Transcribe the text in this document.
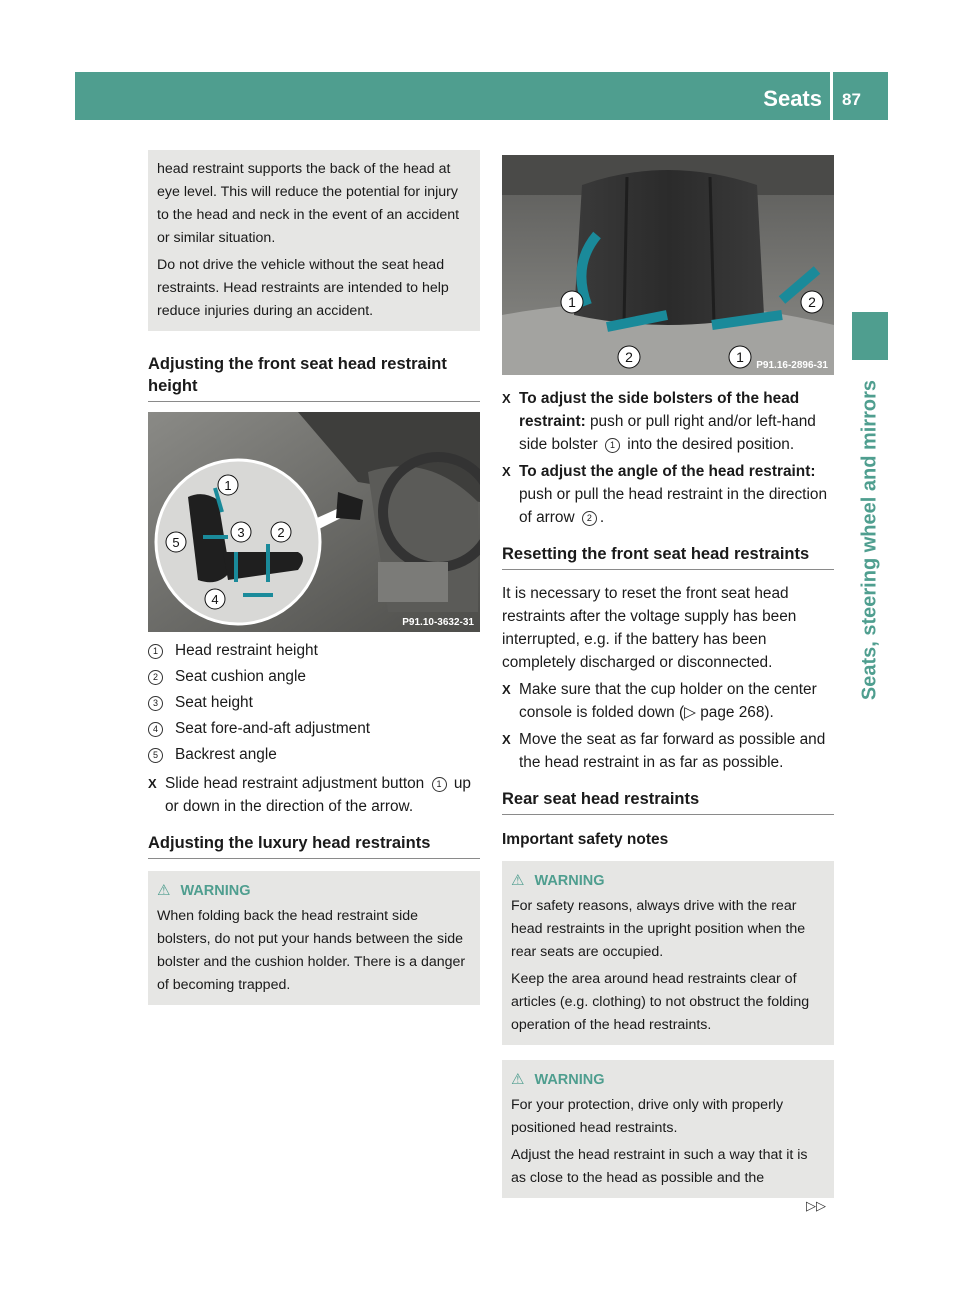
Seats 87
Seats, steering wheel and mirrors

head restraint supports the back of the head at eye level. This will reduce the potential for injury to the head and neck in the event of an accident or similar situation.

Do not drive the vehicle without the seat head restraints. Head restraints are intended to help reduce injuries during an accident.

Adjusting the front seat head restraint height
1
2
3
4
5
P91.10-3632-31
1	Head restraint height
2	Seat cushion angle
3	Seat height
4	Seat fore-and-aft adjustment
5	Backrest angle
X Slide head restraint adjustment button 1 up or down in the direction of the arrow.
Adjusting the luxury head restraints
⚠ WARNING

When folding back the head restraint side bolsters, do not put your hands between the side bolster and the cushion holder. There is a danger of becoming trapped.

1	2
2	1
P91.16-2896-31
X To adjust the side bolsters of the head restraint: push or pull right and/or left-hand side bolster 1 into the desired position.
X To adjust the angle of the head restraint: push or pull the head restraint in the direction of arrow 2 .
Resetting the front seat head restraints

It is necessary to reset the front seat head restraints after the voltage supply has been interrupted, e.g. if the battery has been completely discharged or disconnected.

X Make sure that the cup holder on the center console is folded down (▷ page 268).
X Move the seat as far forward as possible and the head restraint in as far as possible.
Rear seat head restraints
Important safety notes
⚠ WARNING

For safety reasons, always drive with the rear head restraints in the upright position when the rear seats are occupied.

Keep the area around head restraints clear of articles (e.g. clothing) to not obstruct the folding operation of the head restraints.

⚠ WARNING

For your protection, drive only with properly positioned head restraints.

Adjust the head restraint in such a way that it is as close to the head as possible and the

▷▷
